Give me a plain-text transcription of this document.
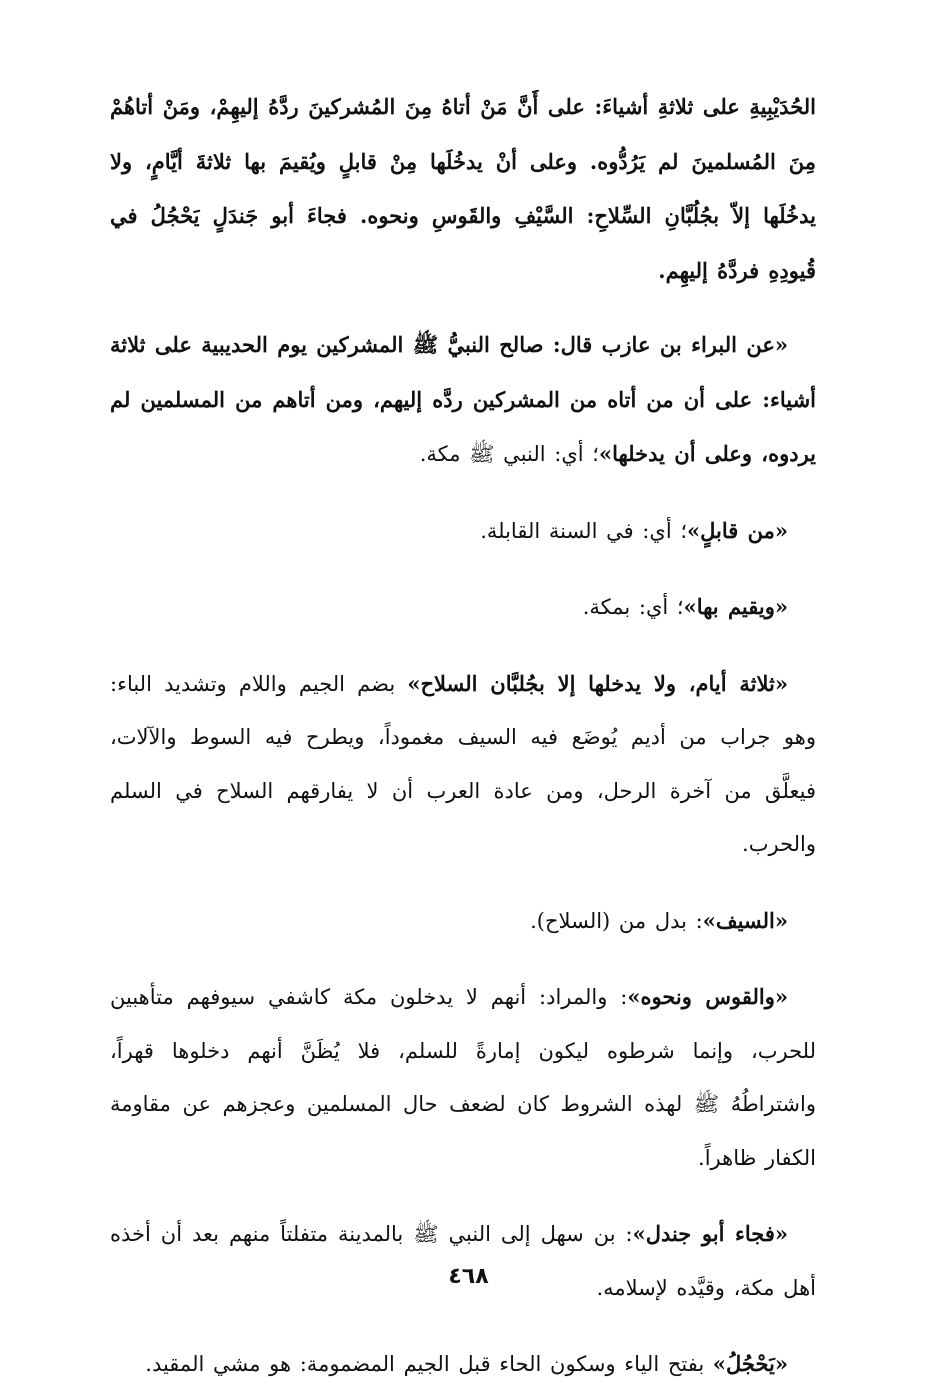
الحُدَيْبِيةِ على ثلاثةِ أشياءَ: على أَنَّ مَنْ أتاهُ مِنَ المُشركينَ ردَّهُ إليهِمْ، ومَنْ أتاهُمْ مِنَ المُسلمينَ لم يَرُدُّوه. وعلى أنْ يدخُلَها مِنْ قابلٍ ويُقيمَ بها ثلاثةَ أيَّامٍ، ولا يدخُلَها إلاّ بجُلُبَّانِ السِّلاحِ: السَّيْفِ والقَوسِ ونحوه. فجاءَ أبو جَندَلٍ يَحْجُلُ في قُيودِهِ فردَّهُ إليهِم.

«عن البراء بن عازب قال: صالح النبيُّ ﷺ المشركين يوم الحديبية على ثلاثة أشياء: على أن من أتاه من المشركين ردَّه إليهم، ومن أتاهم من المسلمين لم يردوه، وعلى أن يدخلها»؛ أي: النبي ﷺ مكة.

«من قابلٍ»؛ أي: في السنة القابلة.

«ويقيم بها»؛ أي: بمكة.

«ثلاثة أيام، ولا يدخلها إلا بجُلبَّان السلاح» بضم الجيم واللام وتشديد الباء: وهو جراب من أديم يُوضَع فيه السيف مغموداً، ويطرح فيه السوط والآلات، فيعلَّق من آخرة الرحل، ومن عادة العرب أن لا يفارقهم السلاح في السلم والحرب.

«السيف»: بدل من (السلاح).

«والقوس ونحوه»: والمراد: أنهم لا يدخلون مكة كاشفي سيوفهم متأهبين للحرب، وإنما شرطوه ليكون إمارةً للسلم، فلا يُظَنَّ أنهم دخلوها قهراً، واشتراطُهُ ﷺ لهذه الشروط كان لضعف حال المسلمين وعجزهم عن مقاومة الكفار ظاهراً.

«فجاء أبو جندل»: بن سهل إلى النبي ﷺ بالمدينة متفلتاً منهم بعد أن أخذه أهل مكة، وقيَّده لإسلامه.

«يَحْجُلُ» بفتح الياء وسكون الحاء قبل الجيم المضمومة: هو مشي المقيد.

٤٦٨
